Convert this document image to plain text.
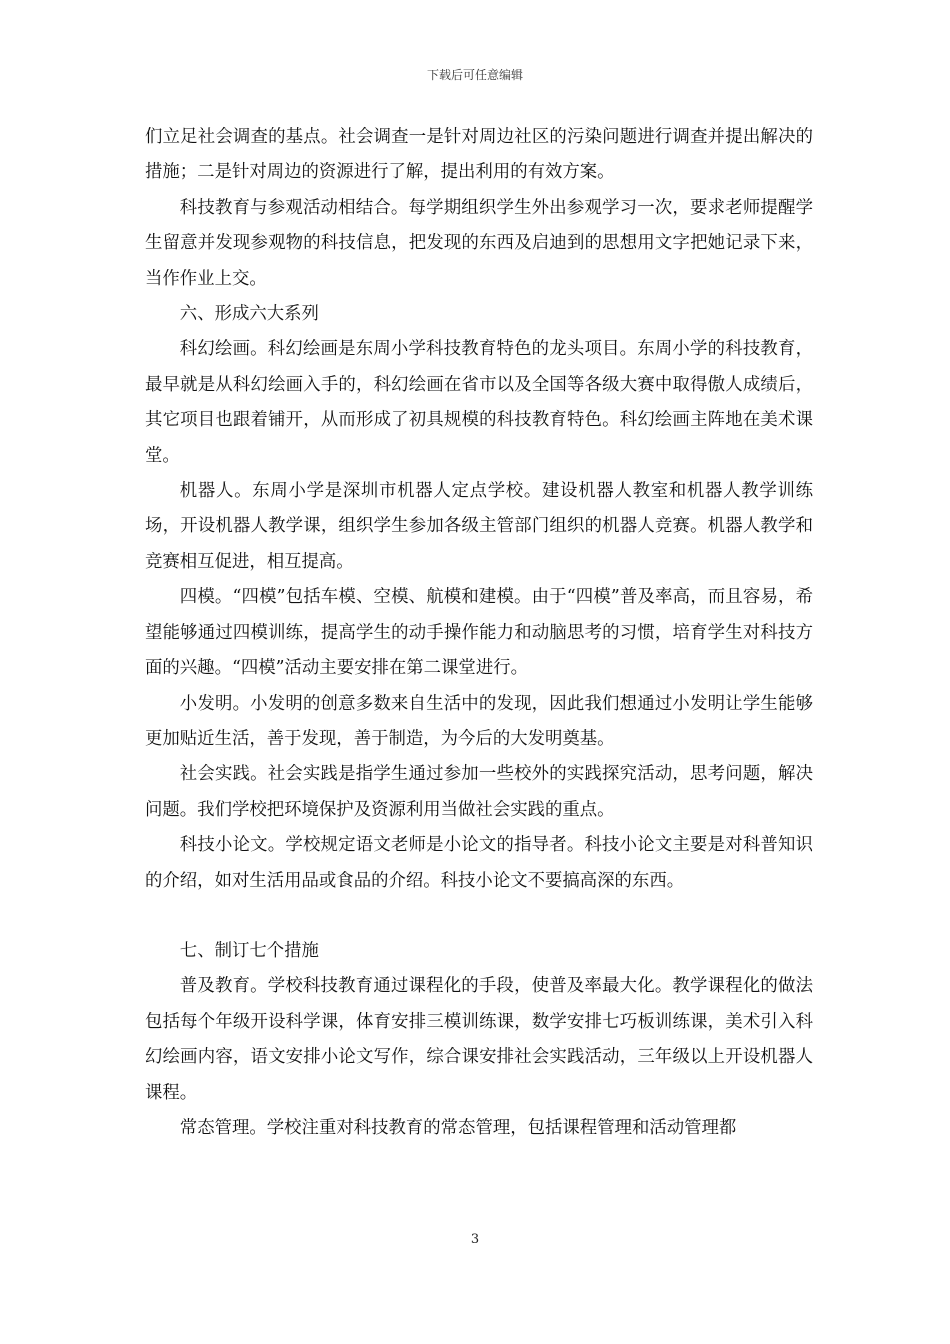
下载后可任意编辑

们立足社会调查的基点。社会调查一是针对周边社区的污染问题进行调查并提出解决的措施；二是针对周边的资源进行了解，提出利用的有效方案。

科技教育与参观活动相结合。每学期组织学生外出参观学习一次，要求老师提醒学生留意并发现参观物的科技信息，把发现的东西及启迪到的思想用文字把她记录下来，当作作业上交。

六、形成六大系列

科幻绘画。科幻绘画是东周小学科技教育特色的龙头项目。东周小学的科技教育，最早就是从科幻绘画入手的，科幻绘画在省市以及全国等各级大赛中取得傲人成绩后，其它项目也跟着铺开，从而形成了初具规模的科技教育特色。科幻绘画主阵地在美术课堂。

机器人。东周小学是深圳市机器人定点学校。建设机器人教室和机器人教学训练场，开设机器人教学课，组织学生参加各级主管部门组织的机器人竞赛。机器人教学和竞赛相互促进，相互提高。

四模。“四模”包括车模、空模、航模和建模。由于“四模”普及率高，而且容易，希望能够通过四模训练，提高学生的动手操作能力和动脑思考的习惯，培育学生对科技方面的兴趣。“四模”活动主要安排在第二课堂进行。

小发明。小发明的创意多数来自生活中的发现，因此我们想通过小发明让学生能够更加贴近生活，善于发现，善于制造，为今后的大发明奠基。

社会实践。社会实践是指学生通过参加一些校外的实践探究活动，思考问题，解决问题。我们学校把环境保护及资源利用当做社会实践的重点。

科技小论文。学校规定语文老师是小论文的指导者。科技小论文主要是对科普知识的介绍，如对生活用品或食品的介绍。科技小论文不要搞高深的东西。

七、制订七个措施

普及教育。学校科技教育通过课程化的手段，使普及率最大化。教学课程化的做法包括每个年级开设科学课，体育安排三模训练课，数学安排七巧板训练课，美术引入科幻绘画内容，语文安排小论文写作，综合课安排社会实践活动，三年级以上开设机器人课程。

常态管理。学校注重对科技教育的常态管理，包括课程管理和活动管理都

3
